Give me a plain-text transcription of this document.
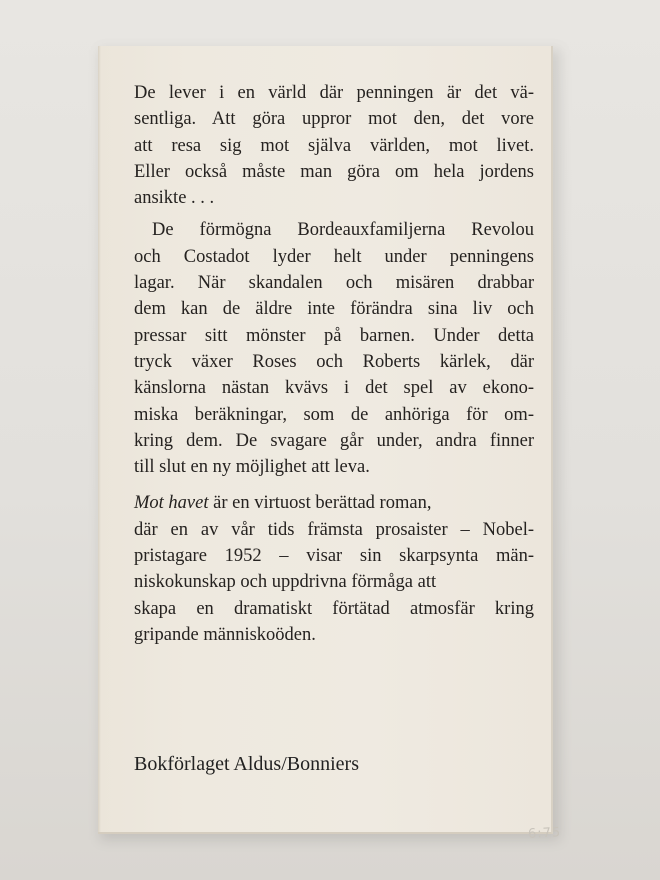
De lever i en värld där penningen är det vä-
sentliga. Att göra uppror mot den, det vore
att resa sig mot själva världen, mot livet.
Eller också måste man göra om hela jordens
ansikte . . .
De förmögna Bordeauxfamiljerna Revolou
och Costadot lyder helt under penningens
lagar. När skandalen och misären drabbar
dem kan de äldre inte förändra sina liv och
pressar sitt mönster på barnen. Under detta
tryck växer Roses och Roberts kärlek, där
känslorna nästan kvävs i det spel av ekono-
miska beräkningar, som de anhöriga för om-
kring dem. De svagare går under, andra finner
till slut en ny möjlighet att leva.
Mot havet är en virtuost berättad roman,
där en av vår tids främsta prosaister – Nobel-
pristagare 1952 – visar sin skarpsynta män-
niskokunskap och uppdrivna förmåga att
skapa en dramatiskt förtätad atmosfär kring
gripande människoöden.
Bokförlaget Aldus/Bonniers
6:75
